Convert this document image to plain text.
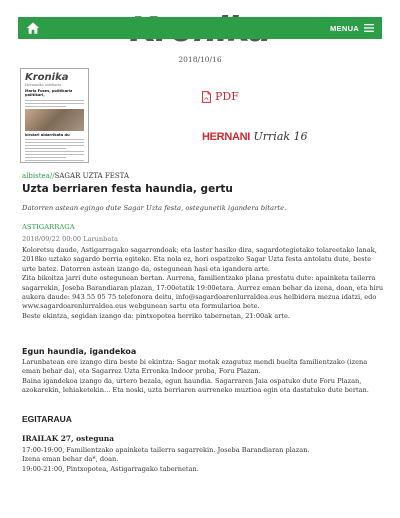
MENUA
2018/10/16
Kronika
Hernaniko astekaria
Maria Fuses, politikariz politikari,
kirolari aldarrikatu du
PDF
HERNANI Urriak 16
albistea//SAGAR UZTA FESTA
Uzta berriaren festa haundia, gertu
Datorren astean egingo dute Sagar Uzta festa, ostegunetik igandera bitarte.
ASTIGARRAGA
2018/09/22 00:00 Larunbata

Koloretsu daude, Astigarragako sagarrondoak; eta laster hasiko dira, sagardotegietako tolareetako lanak, 2018ko uztako sagardo berria egiteko. Eta nola ez, hori ospatzeko Sagar Uzta festa antolatu dute, beste urte batez. Datorren astean izango da, ostegunean hasi eta igandera arte.

Zita bikoitza jarri dute ostegunean bertan. Aurrena, familientzako plana prestatu dute: apainketa tailerra sagarrekin, Joseba Barandiaran plazan, 17:00etatik 19:00etara. Aurrez eman behar da izena, doan, eta hiru aukera daude: 943 55 05 75 telefonora deitu, info@sagardoarenlurraldea.eus helbidera mezua idatzi, edo www.sagardoarenlurraldea.eus webgunean sartu eta formularioa bete.

Beste ekintza, segidan izango da: pintxopotea herriko tabernetan, 21:00ak arte.

Egun haundia, igandekoa

Larunbatean ere izango dira beste bi ekintza: Sagar motak ezagutuz mendi buelta familientzako (izena eman behar da), eta Sagarrez Uzta Erronka Indoor proba, Foru Plazan.

Baina igandekoa izango da, urtero bezala, egun haundia. Sagarraren Jaia ospatuko dute Foru Plazan, azokarekin, lehiaketekin... Eta noski, uzta berriaren aurreneko muztioa egin eta dastatuko dute bertan.

EGITARAUA
IRAILAK 27, osteguna

17:00-19:00, Familientzako apainketa tailerra sagarrekin. Joseba Barandiaran plazan.

Izena eman behar da*, doan.

19:00-21:00, Pintxopotea, Astigarragako tabernetan.
